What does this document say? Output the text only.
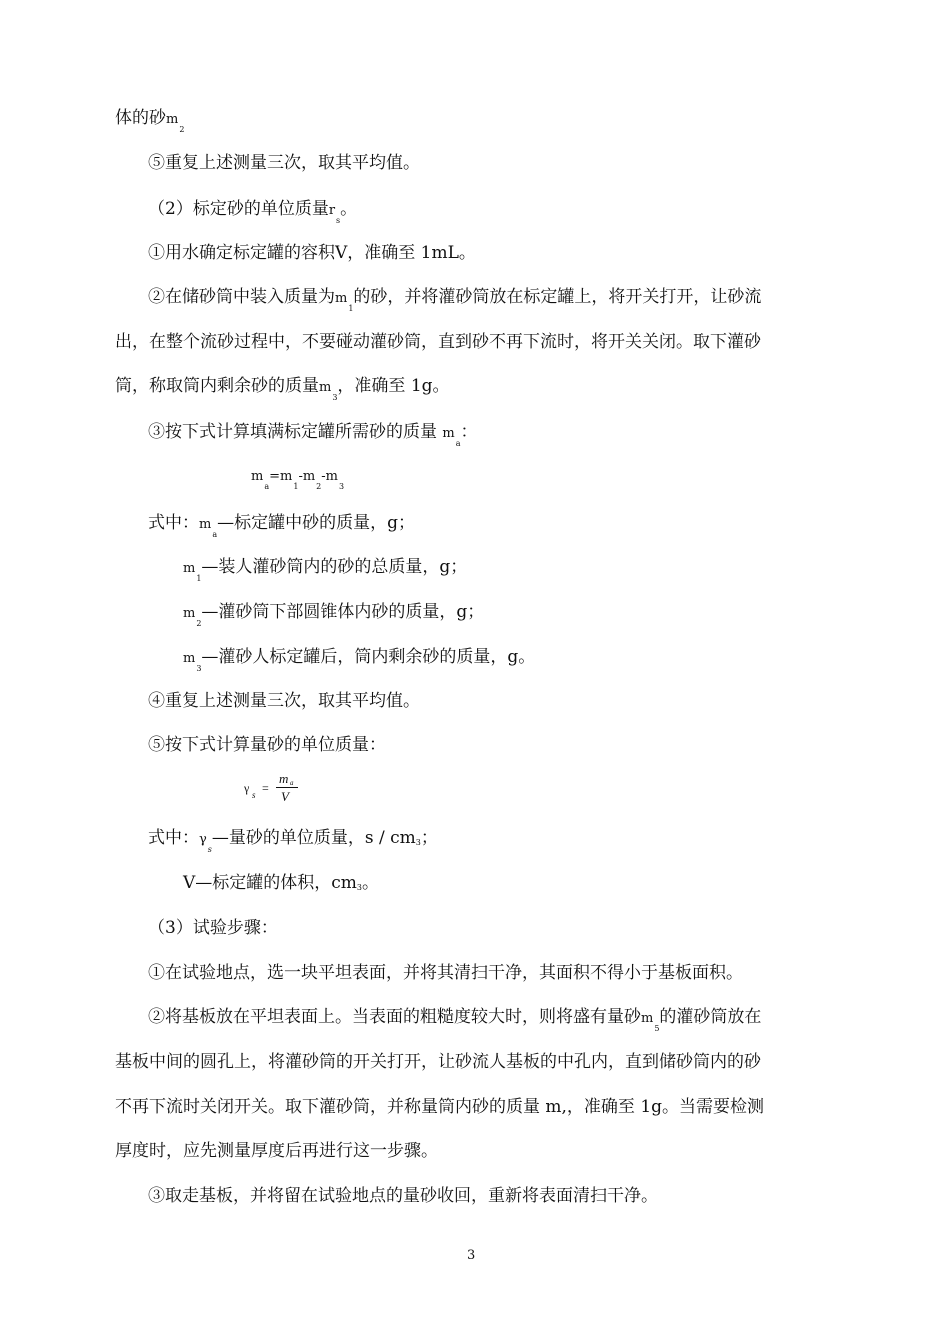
体的砂$m_2$
⑤重复上述测量三次，取其平均值。
（2）标定砂的单位质量$r_s$。
①用水确定标定罐的容积V，准确至 1mL。
②在储砂筒中装入质量为$m_1$的砂，并将灌砂筒放在标定罐上，将开关打开，让砂流
出，在整个流砂过程中，不要碰动灌砂筒，直到砂不再下流时，将开关关闭。取下灌砂
筒，称取筒内剩余砂的质量$m_3$，准确至 1g。
③按下式计算填满标定罐所需砂的质量 $m_a$：
$m_a=m_1-m_2-m_3$
式中：$m_a—$标定罐中砂的质量，g；
$m_1—$装人灌砂筒内的砂的总质量，g；
$m_2—$灌砂筒下部圆锥体内砂的质量，g；
$m_3—$灌砂人标定罐后，筒内剩余砂的质量，g。
④重复上述测量三次，取其平均值。
⑤按下式计算量砂的单位质量：
γ s =
m a
V
式中：$\gamma_s—$量砂的单位质量，s / cm3；
V—标定罐的体积，cm3。
（3）试验步骤：
①在试验地点，选一块平坦表面，并将其清扫干净，其面积不得小于基板面积。
②将基板放在平坦表面上。当表面的粗糙度较大时，则将盛有量砂$m_5$的灌砂筒放在
基板中间的圆孔上，将灌砂筒的开关打开，让砂流人基板的中孔内，直到储砂筒内的砂
不再下流时关闭开关。取下灌砂筒，并称量筒内砂的质量 m,，准确至 1g。当需要检测
厚度时，应先测量厚度后再进行这一步骤。
③取走基板，并将留在试验地点的量砂收回，重新将表面清扫干净。
3
